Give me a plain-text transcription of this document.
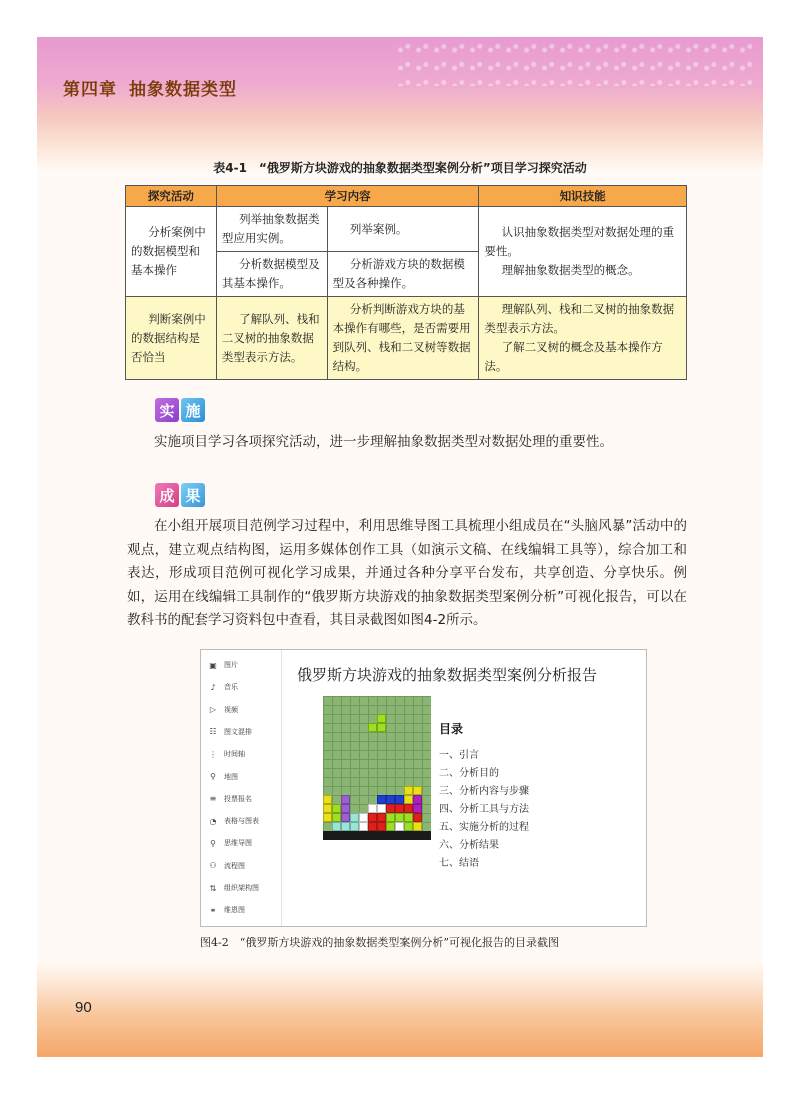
第四章 抽象数据类型
表4-1　“俄罗斯方块游戏的抽象数据类型案例分析”项目学习探究活动
探究活动	学习内容		知识技能
分析案例中的数据模型和基本操作	列举抽象数据类型应用实例。	列举案例。	认识抽象数据类型对数据处理的重要性。
理解抽象数据类型的概念。

	分析数据模型及其基本操作。	分析游戏方块的数据模型及各种操作。	
判断案例中的数据结构是否恰当	了解队列、栈和二叉树的抽象数据类型表示方法。	分析判断游戏方块的基本操作有哪些，是否需要用到队列、栈和二叉树等数据结构。	理解队列、栈和二叉树的抽象数据类型表示方法。
了解二叉树的概念及基本操作方法。
实 施
实施项目学习各项探究活动，进一步理解抽象数据类型对数据处理的重要性。
成 果
在小组开展项目范例学习过程中，利用思维导图工具梳理小组成员在“头脑风暴”活动中的观点，建立观点结构图，运用多媒体创作工具（如演示文稿、在线编辑工具等），综合加工和表达，形成项目范例可视化学习成果，并通过各种分享平台发布，共享创造、分享快乐。例如，运用在线编辑工具制作的“俄罗斯方块游戏的抽象数据类型案例分析”可视化报告，可以在教科书的配套学习资料包中查看，其目录截图如图4-2所示。
▣	图片
♪	音乐
▷	视频
☷	图文混排
⋮ 时间轴
⚲	地图
≡	投票报名
◔	表格与图表
⚲	思维导图
⚇	流程图
⇅	组织架构图
⚭	维恩图
俄罗斯方块游戏的抽象数据类型案例分析报告
目录
一、引言
二、分析目的
三、分析内容与步骤
四、分析工具与方法
五、实施分析的过程
六、分析结果
七、结语
图4-2　“俄罗斯方块游戏的抽象数据类型案例分析”可视化报告的目录截图
90
